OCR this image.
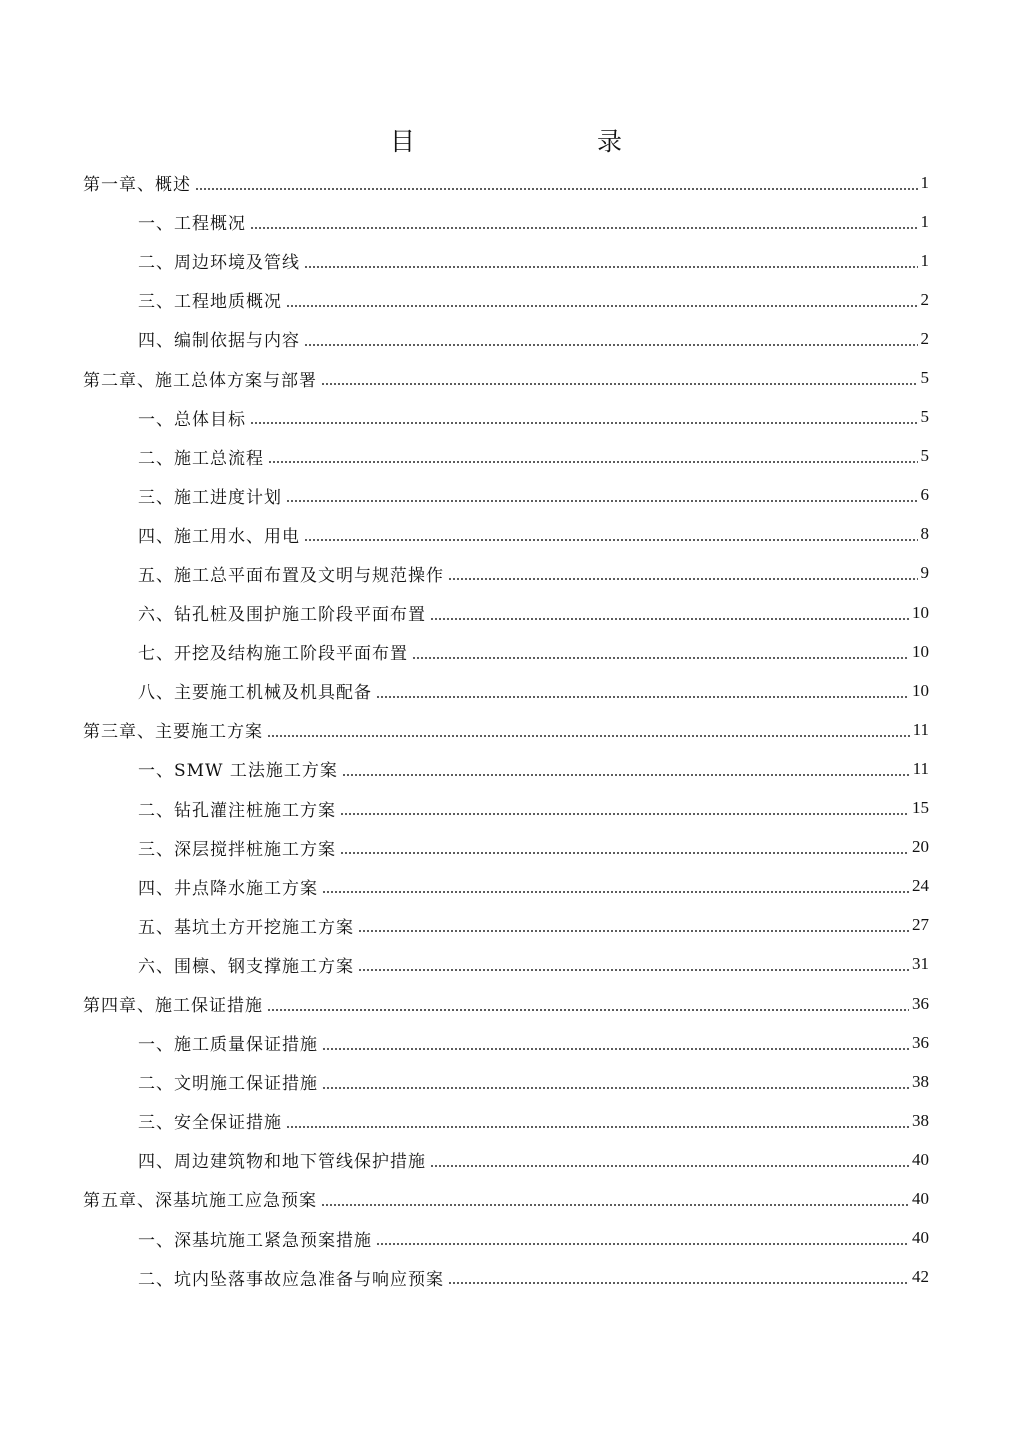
目　　录
第一章、概述	1
一、工程概况	1
二、周边环境及管线	1
三、工程地质概况	2
四、编制依据与内容	2
第二章、施工总体方案与部署	5
一、总体目标	5
二、施工总流程	5
三、施工进度计划	6
四、施工用水、用电	8
五、施工总平面布置及文明与规范操作	9
六、钻孔桩及围护施工阶段平面布置	10
七、开挖及结构施工阶段平面布置	10
八、主要施工机械及机具配备	10
第三章、主要施工方案	11
一、SMW 工法施工方案	11
二、钻孔灌注桩施工方案	15
三、深层搅拌桩施工方案	20
四、井点降水施工方案	24
五、基坑土方开挖施工方案	27
六、围檩、钢支撑施工方案	31
第四章、施工保证措施	36
一、施工质量保证措施	36
二、文明施工保证措施	38
三、安全保证措施	38
四、周边建筑物和地下管线保护措施	40
第五章、深基坑施工应急预案	40
一、深基坑施工紧急预案措施	40
二、坑内坠落事故应急准备与响应预案	42
